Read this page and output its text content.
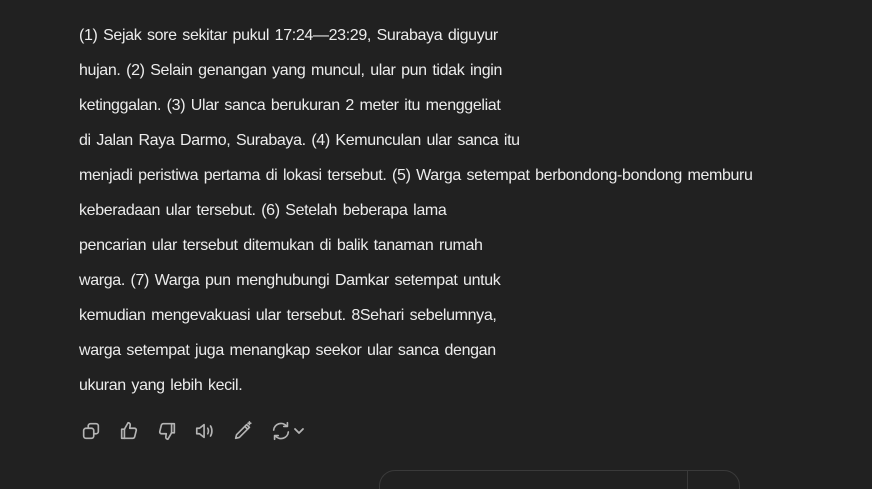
(1) Sejak sore sekitar pukul 17:24—23:29, Surabaya diguyur
hujan. (2) Selain genangan yang muncul, ular pun tidak ingin
ketinggalan. (3) Ular sanca berukuran 2 meter itu menggeliat
di Jalan Raya Darmo, Surabaya. (4) Kemunculan ular sanca itu
menjadi peristiwa pertama di lokasi tersebut. (5) Warga setempat berbondong-bondong memburu
keberadaan ular tersebut. (6) Setelah beberapa lama
pencarian ular tersebut ditemukan di balik tanaman rumah
warga. (7) Warga pun menghubungi Damkar setempat untuk
kemudian mengevakuasi ular tersebut. 8Sehari sebelumnya,
warga setempat juga menangkap seekor ular sanca dengan
ukuran yang lebih kecil.
